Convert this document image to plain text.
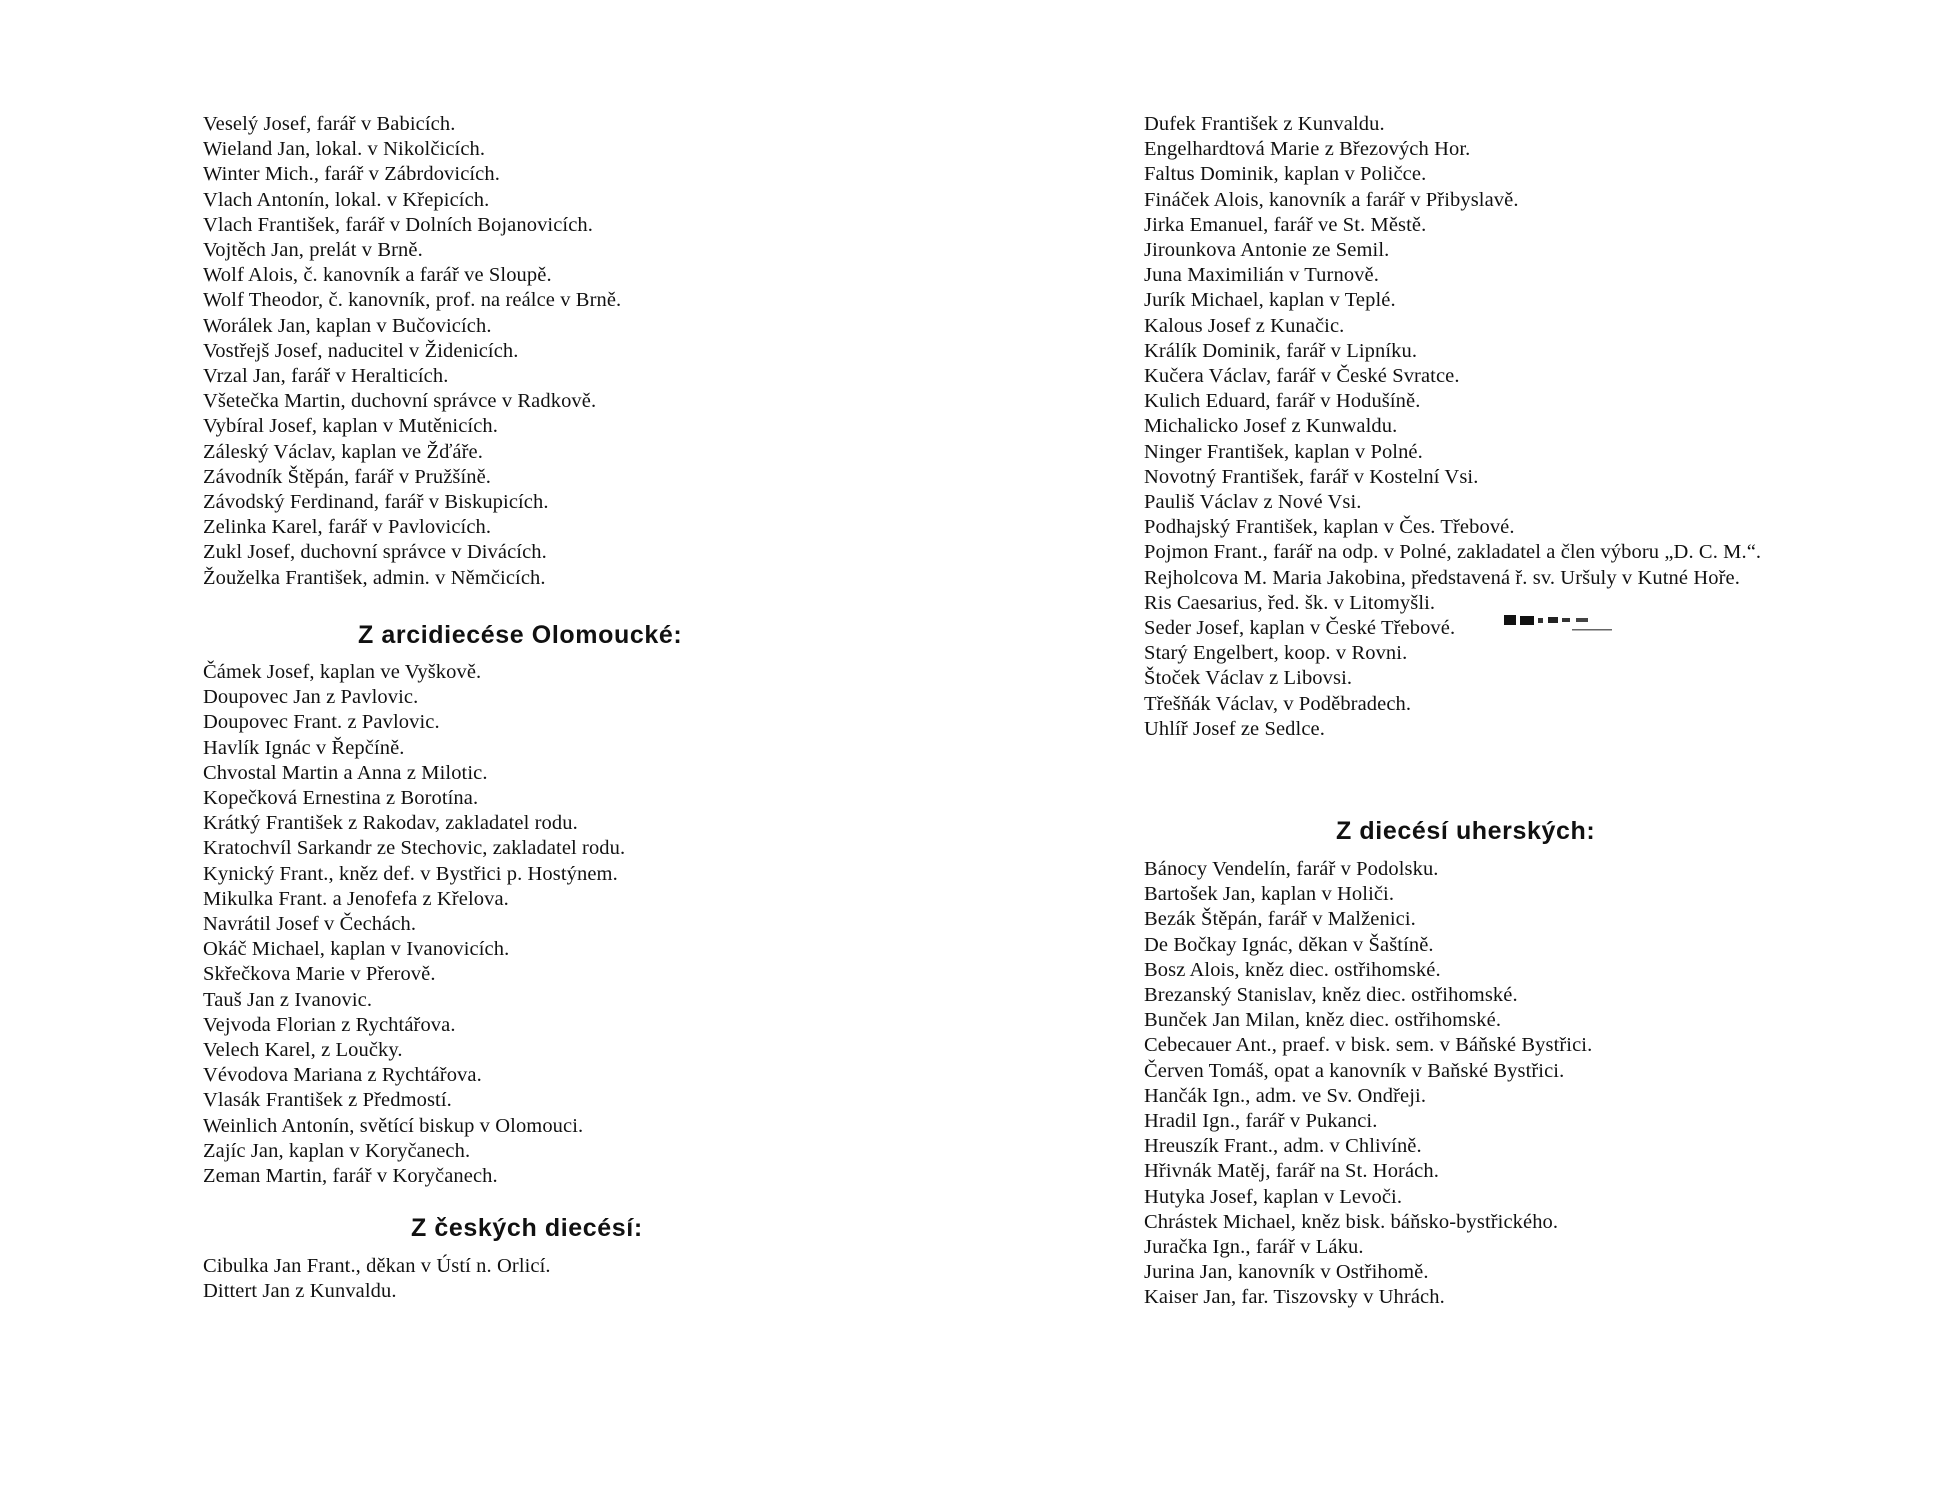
Veselý Josef, farář v Babicích.
Wieland Jan, lokal. v Nikolčicích.
Winter Mich., farář v Zábrdovicích.
Vlach Antonín, lokal. v Křepicích.
Vlach František, farář v Dolních Bojanovicích.
Vojtěch Jan, prelát v Brně.
Wolf Alois, č. kanovník a farář ve Sloupě.
Wolf Theodor, č. kanovník, prof. na reálce v Brně.
Worálek Jan, kaplan v Bučovicích.
Vostřejš Josef, naducitel v Židenicích.
Vrzal Jan, farář v Heralticích.
Všetečka Martin, duchovní správce v Radkově.
Vybíral Josef, kaplan v Mutěnicích.
Záleský Václav, kaplan ve Žďáře.
Závodník Štěpán, farář v Pružšíně.
Závodský Ferdinand, farář v Biskupicích.
Zelinka Karel, farář v Pavlovicích.
Zukl Josef, duchovní správce v Divácích.
Žouželka František, admin. v Němčicích.
Z arcidiecése Olomoucké:
Čámek Josef, kaplan ve Vyškově.
Doupovec Jan z Pavlovic.
Doupovec Frant. z Pavlovic.
Havlík Ignác v Řepčíně.
Chvostal Martin a Anna z Milotic.
Kopečková Ernestina z Borotína.
Krátký František z Rakodav, zakladatel rodu.
Kratochvíl Sarkandr ze Stechovic, zakladatel rodu.
Kynický Frant., kněz def. v Bystřici p. Hostýnem.
Mikulka Frant. a Jenofefa z Křelova.
Navrátil Josef v Čechách.
Okáč Michael, kaplan v Ivanovicích.
Skřečkova Marie v Přerově.
Tauš Jan z Ivanovic.
Vejvoda Florian z Rychtářova.
Velech Karel, z Loučky.
Vévodova Mariana z Rychtářova.
Vlasák František z Předmostí.
Weinlich Antonín, světící biskup v Olomouci.
Zajíc Jan, kaplan v Koryčanech.
Zeman Martin, farář v Koryčanech.
Z českých diecésí:
Cibulka Jan Frant., děkan v Ústí n. Orlicí.
Dittert Jan z Kunvaldu.
Dufek František z Kunvaldu.
Engelhardtová Marie z Březových Hor.
Faltus Dominik, kaplan v Poličce.
Fináček Alois, kanovník a farář v Přibyslavě.
Jirka Emanuel, farář ve St. Městě.
Jirounkova Antonie ze Semil.
Juna Maximilián v Turnově.
Jurík Michael, kaplan v Teplé.
Kalous Josef z Kunačic.
Králík Dominik, farář v Lipníku.
Kučera Václav, farář v České Svratce.
Kulich Eduard, farář v Hodušíně.
Michalicko Josef z Kunwaldu.
Ninger František, kaplan v Polné.
Novotný František, farář v Kostelní Vsi.
Pauliš Václav z Nové Vsi.
Podhajský František, kaplan v Čes. Třebové.
Pojmon Frant., farář na odp. v Polné, zakladatel a člen výboru „D. C. M.“.
Rejholcova M. Maria Jakobina, představená ř. sv. Uršuly v Kutné Hoře.
Ris Caesarius, řed. šk. v Litomyšli.
Seder Josef, kaplan v České Třebové.
Starý Engelbert, koop. v Rovni.
Štoček Václav z Libovsi.
Třešňák Václav, v Poděbradech.
Uhlíř Josef ze Sedlce.
Z diecésí uherských:
Bánocy Vendelín, farář v Podolsku.
Bartošek Jan, kaplan v Holiči.
Bezák Štěpán, farář v Malženici.
De Bočkay Ignác, děkan v Šaštíně.
Bosz Alois, kněz diec. ostřihomské.
Brezanský Stanislav, kněz diec. ostřihomské.
Bunček Jan Milan, kněz diec. ostřihomské.
Cebecauer Ant., praef. v bisk. sem. v Báňské Bystřici.
Červen Tomáš, opat a kanovník v Baňské Bystřici.
Hančák Ign., adm. ve Sv. Ondřeji.
Hradil Ign., farář v Pukanci.
Hreuszík Frant., adm. v Chlivíně.
Hřivnák Matěj, farář na St. Horách.
Hutyka Josef, kaplan v Levoči.
Chrástek Michael, kněz bisk. báňsko-bystřického.
Juračka Ign., farář v Láku.
Jurina Jan, kanovník v Ostřihomě.
Kaiser Jan, far. Tiszovsky v Uhrách.
